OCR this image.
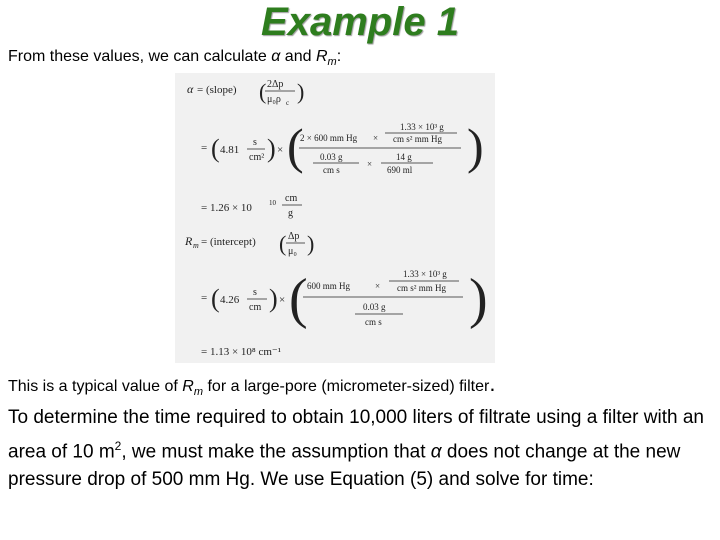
Example 1
From these values, we can calculate α and $R_m$:
α = (slope) ( 2Δp
μ₀ρ c )
= ( 4.81
s
cm² ) × (	1.33 × 10³ g
2 × 600 mm Hg × cm s² mm Hg
0.03 g
cm s
×
14 g
690 ml )
= 1.26 × 10 10 cm
g
R m = (intercept) ( Δp
μ₀ )
= ( 4.26
s
cm ) × (	1.33 × 10³ g
600 mm Hg	× cm s² mm Hg
0.03 g
cm s )
= 1.13 × 10⁸ cm⁻¹
This is a typical value of $R_m$ for a large-pore (micrometer-sized) filter.
To determine the time required to obtain 10,000 liters of filtrate using a filter with an area of 10 $m^2$, we must make the assumption that α does not change at the new pressure drop of 500 mm Hg. We use Equation (5) and solve for time:
